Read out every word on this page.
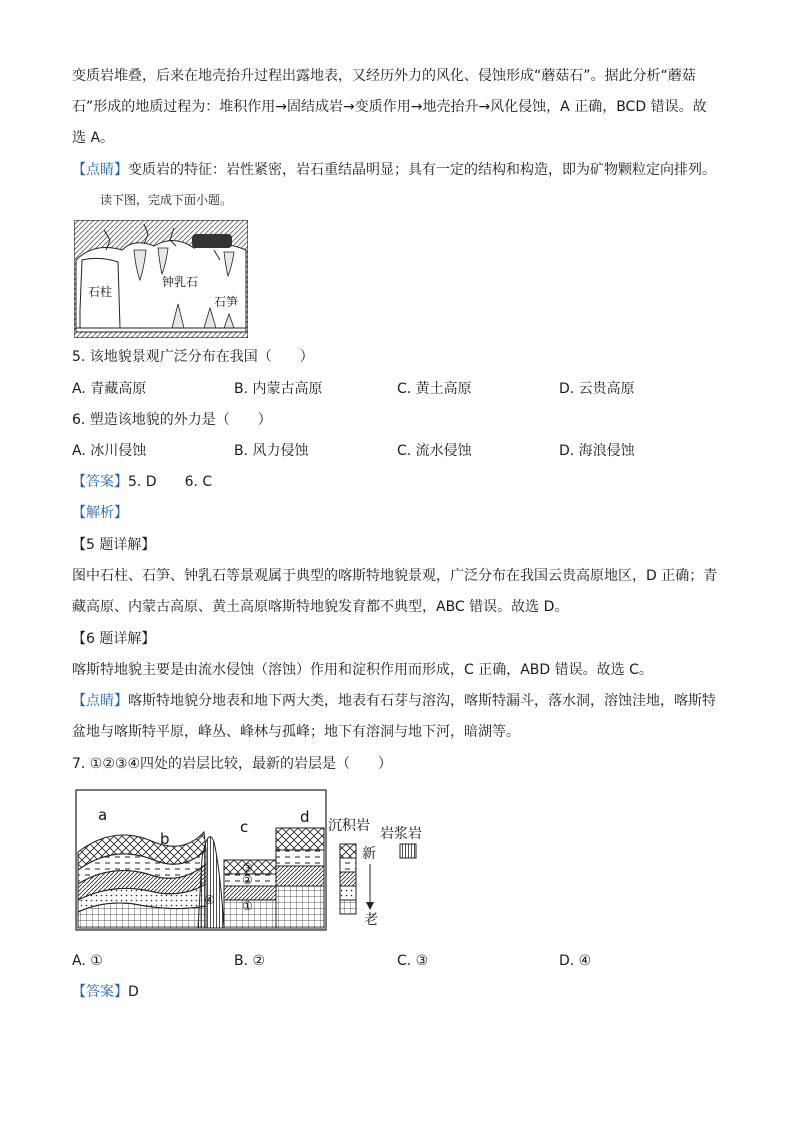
变质岩堆叠，后来在地壳抬升过程出露地表，又经历外力的风化、侵蚀形成“蘑菇石”。据此分析“蘑菇
石”形成的地质过程为：堆积作用→固结成岩→变质作用→地壳抬升→风化侵蚀，A 正确，BCD 错误。故
选 A。
【点睛】变质岩的特征：岩性紧密，岩石重结晶明显；具有一定的结构和构造，即为矿物颗粒定向排列。
读下图，完成下面小题。
石柱
钟乳石
石笋
5. 该地貌景观广泛分布在我国（　　）
A. 青藏高原	B. 内蒙古高原	C. 黄土高原	D. 云贵高原
6. 塑造该地貌的外力是（　　）
A. 冰川侵蚀	B. 风力侵蚀	C. 流水侵蚀	D. 海浪侵蚀
【答案】5. D　　6. C
【解析】
【5 题详解】
图中石柱、石笋、钟乳石等景观属于典型的喀斯特地貌景观，广泛分布在我国云贵高原地区，D 正确；青
藏高原、内蒙古高原、黄土高原喀斯特地貌发育都不典型，ABC 错误。故选 D。
【6 题详解】
喀斯特地貌主要是由流水侵蚀（溶蚀）作用和淀积作用而形成，C 正确，ABD 错误。故选 C。
【点睛】喀斯特地貌分地表和地下两大类，地表有石芽与溶沟，喀斯特漏斗，落水洞，溶蚀洼地，喀斯特
盆地与喀斯特平原，峰丛、峰林与孤峰；地下有溶洞与地下河，暗湖等。
7. ①②③④四处的岩层比较，最新的岩层是（　　）
a
b
c
d
③
②
①
④
沉积岩 岩浆岩
新
老
A. ①	B. ②	C. ③	D. ④
【答案】D
